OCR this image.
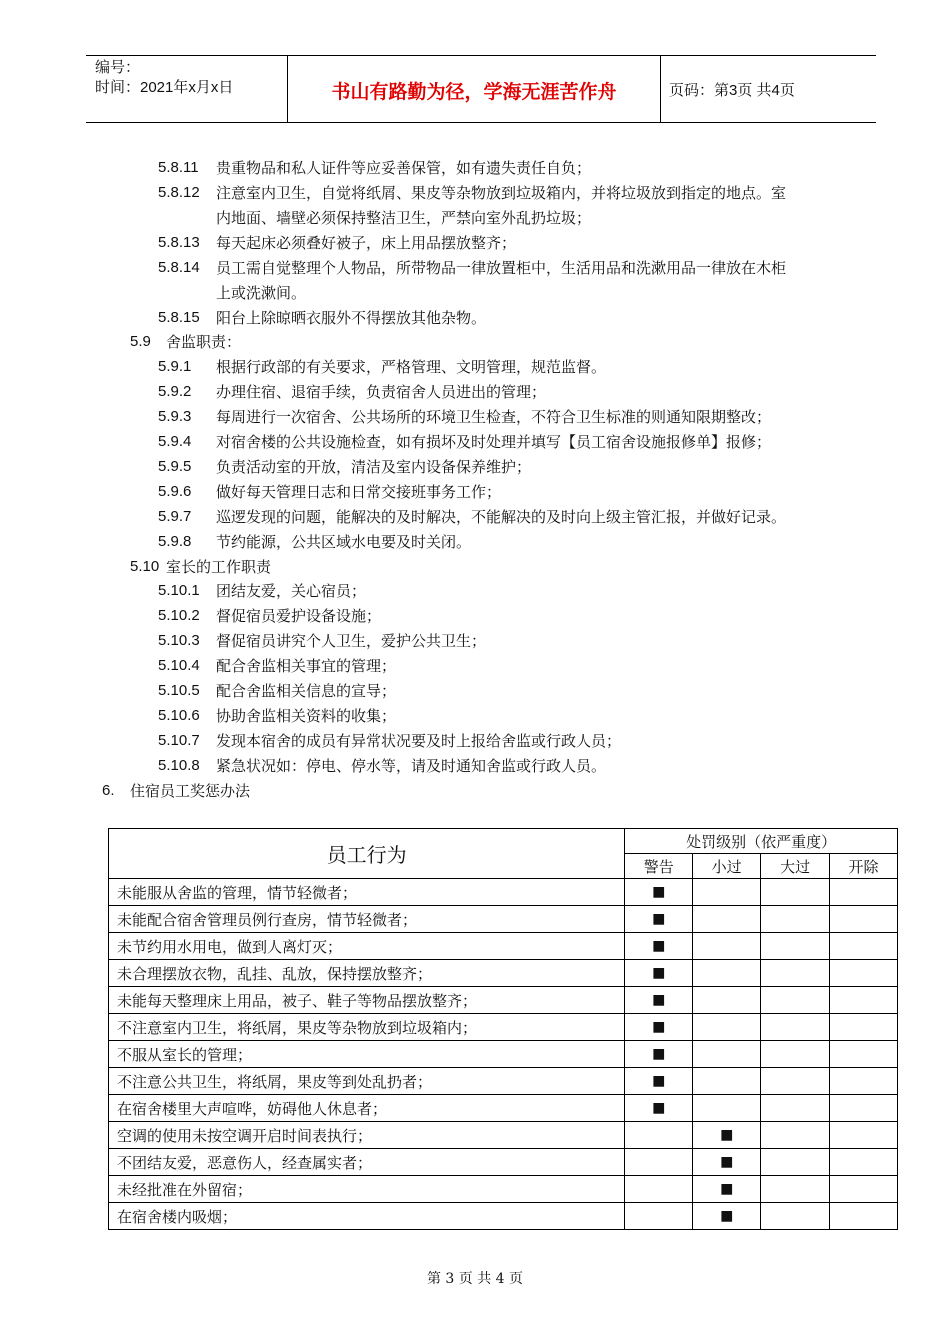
编号：
时间：2021年x月x日	书山有路勤为径，学海无涯苦作舟	页码：第3页 共4页
5.8.11 贵重物品和私人证件等应妥善保管，如有遗失责任自负；
5.8.12 注意室内卫生，自觉将纸屑、果皮等杂物放到垃圾箱内，并将垃圾放到指定的地点。室
内地面、墙壁必须保持整洁卫生，严禁向室外乱扔垃圾；
5.8.13 每天起床必须叠好被子，床上用品摆放整齐；
5.8.14 员工需自觉整理个人物品，所带物品一律放置柜中，生活用品和洗漱用品一律放在木柜
上或洗漱间。
5.8.15 阳台上除晾晒衣服外不得摆放其他杂物。
5.9 舍监职责：
5.9.1 根据行政部的有关要求，严格管理、文明管理，规范监督。
5.9.2 办理住宿、退宿手续，负责宿舍人员进出的管理；
5.9.3 每周进行一次宿舍、公共场所的环境卫生检查，不符合卫生标准的则通知限期整改；
5.9.4 对宿舍楼的公共设施检查，如有损坏及时处理并填写【员工宿舍设施报修单】报修；
5.9.5 负责活动室的开放，清洁及室内设备保养维护；
5.9.6 做好每天管理日志和日常交接班事务工作；
5.9.7 巡逻发现的问题，能解决的及时解决，不能解决的及时向上级主管汇报，并做好记录。
5.9.8 节约能源，公共区域水电要及时关闭。
5.10 室长的工作职责
5.10.1 团结友爱，关心宿员；
5.10.2 督促宿员爱护设备设施；
5.10.3 督促宿员讲究个人卫生，爱护公共卫生；
5.10.4 配合舍监相关事宜的管理；
5.10.5 配合舍监相关信息的宣导；
5.10.6 协助舍监相关资料的收集；
5.10.7 发现本宿舍的成员有异常状况要及时上报给舍监或行政人员；
5.10.8 紧急状况如：停电、停水等，请及时通知舍监或行政人员。
6. 住宿员工奖惩办法
员工行为	处罚级别（依严重度）			
	警告	小过	大过	开除
未能服从舍监的管理，情节轻微者；	■			
未能配合宿舍管理员例行查房，情节轻微者；	■			
未节约用水用电，做到人离灯灭；	■			
未合理摆放衣物，乱挂、乱放，保持摆放整齐；	■			
未能每天整理床上用品，被子、鞋子等物品摆放整齐；	■			
不注意室内卫生，将纸屑，果皮等杂物放到垃圾箱内；	■			
不服从室长的管理；	■			
不注意公共卫生，将纸屑，果皮等到处乱扔者；	■			
在宿舍楼里大声喧哗，妨碍他人休息者；	■			
空调的使用未按空调开启时间表执行；		■		
不团结友爱，恶意伤人，经查属实者；		■		
未经批准在外留宿；		■		
在宿舍楼内吸烟；		■		
第 3 页 共 4 页
